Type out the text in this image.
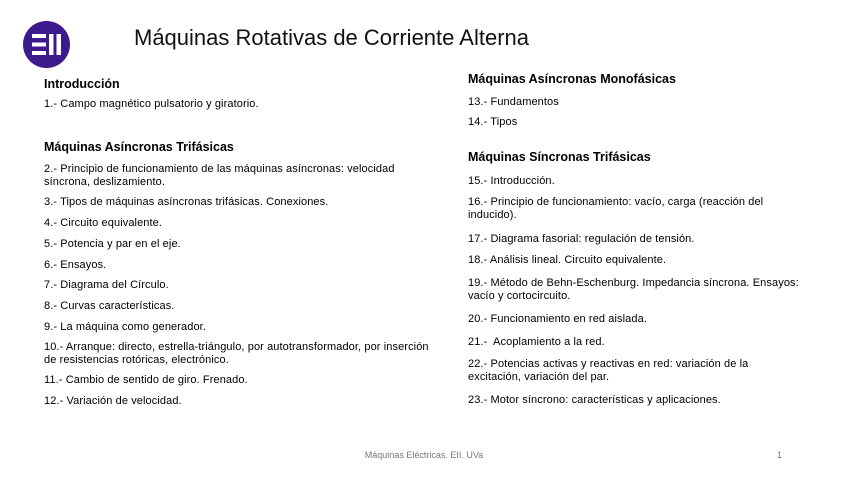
Máquinas Rotativas de Corriente Alterna
Introducción
1.- Campo magnético pulsatorio y giratorio.
Máquinas Asíncronas Trifásicas
2.- Principio de funcionamiento de las máquinas asíncronas: velocidad síncrona, deslizamiento.
3.- Tipos de máquinas asíncronas trifásicas. Conexiones.
4.- Circuito equivalente.
5.- Potencia y par en el eje.
6.- Ensayos.
7.- Diagrama del Círculo.
8.- Curvas características.
9.- La máquina como generador.
10.- Arranque: directo, estrella-triángulo, por autotransformador, por inserción de resistencias rotóricas, electrónico.
11.- Cambio de sentido de giro. Frenado.
12.- Variación de velocidad.
Máquinas Asíncronas Monofásicas
13.- Fundamentos
14.- Tipos
Máquinas Síncronas Trifásicas
15.- Introducción.
16.- Principio de funcionamiento: vacío, carga (reacción del inducido).
17.- Diagrama fasorial: regulación de tensión.
18.- Análisis lineal. Circuito equivalente.
19.- Método de Behn-Eschenburg. Impedancia síncrona. Ensayos: vacío y cortocircuito.
20.- Funcionamiento en red aislada.
21.-  Acoplamiento a la red.
22.- Potencias activas y reactivas en red: variación de la excitación, variación del par.
23.- Motor síncrono: características y aplicaciones.
Máquinas Eléctricas. EII. UVa	1
